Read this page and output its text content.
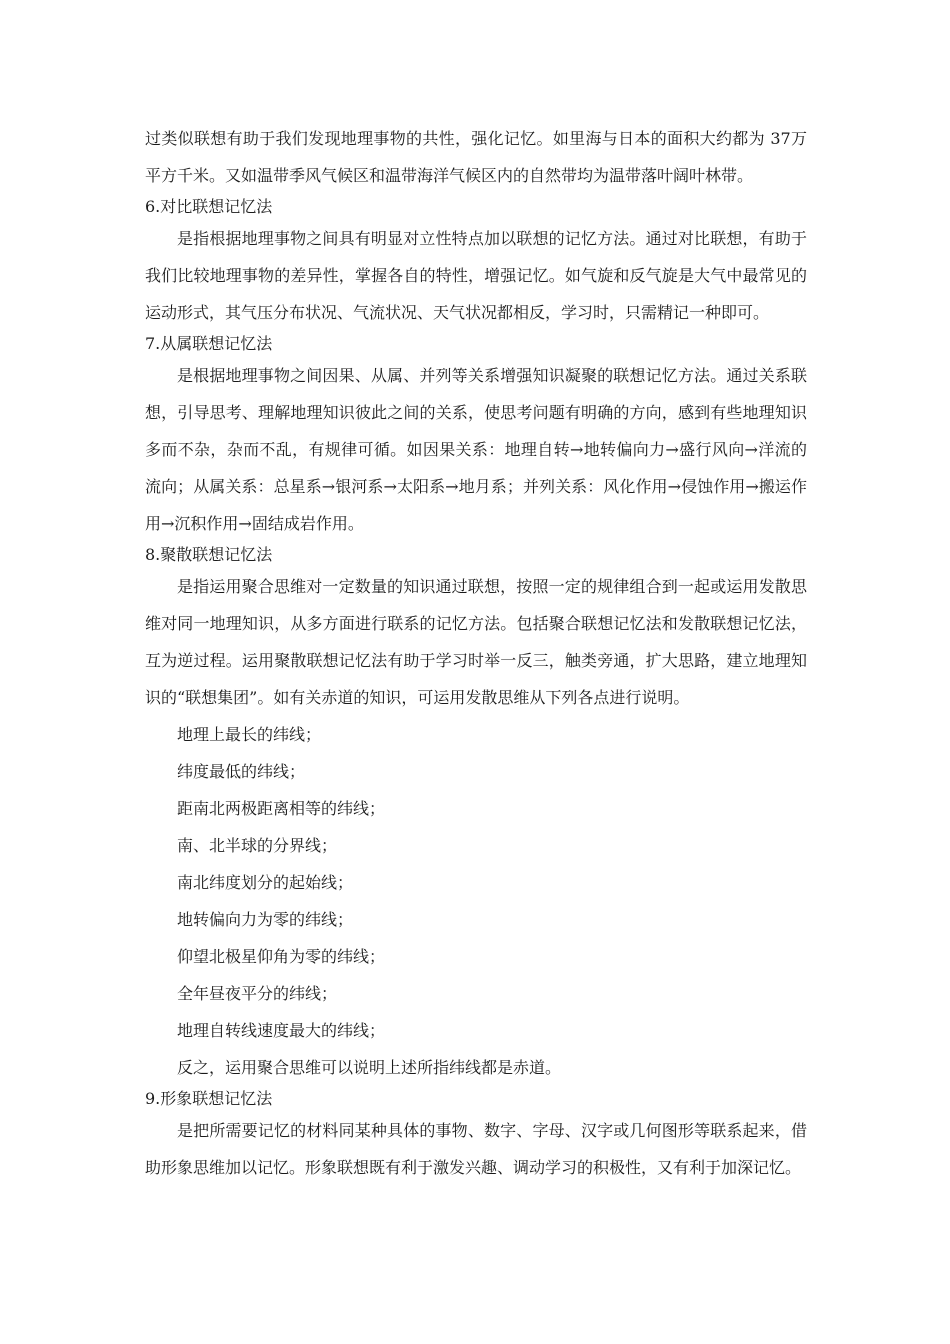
过类似联想有助于我们发现地理事物的共性，强化记忆。如里海与日本的面积大约都为 37万平方千米。又如温带季风气候区和温带海洋气候区内的自然带均为温带落叶阔叶林带。

6.对比联想记忆法

是指根据地理事物之间具有明显对立性特点加以联想的记忆方法。通过对比联想，有助于我们比较地理事物的差异性，掌握各自的特性，增强记忆。如气旋和反气旋是大气中最常见的运动形式，其气压分布状况、气流状况、天气状况都相反，学习时，只需精记一种即可。

7.从属联想记忆法

是根据地理事物之间因果、从属、并列等关系增强知识凝聚的联想记忆方法。通过关系联想，引导思考、理解地理知识彼此之间的关系，使思考问题有明确的方向，感到有些地理知识多而不杂，杂而不乱，有规律可循。如因果关系：地理自转→地转偏向力→盛行风向→洋流的流向；从属关系：总星系→银河系→太阳系→地月系；并列关系：风化作用→侵蚀作用→搬运作用→沉积作用→固结成岩作用。

8.聚散联想记忆法

是指运用聚合思维对一定数量的知识通过联想，按照一定的规律组合到一起或运用发散思维对同一地理知识，从多方面进行联系的记忆方法。包括聚合联想记忆法和发散联想记忆法，互为逆过程。运用聚散联想记忆法有助于学习时举一反三，触类旁通，扩大思路，建立地理知识的“联想集团”。如有关赤道的知识，可运用发散思维从下列各点进行说明。

地理上最长的纬线；

纬度最低的纬线；

距南北两极距离相等的纬线；

南、北半球的分界线；

南北纬度划分的起始线；

地转偏向力为零的纬线；

仰望北极星仰角为零的纬线；

全年昼夜平分的纬线；

地理自转线速度最大的纬线；

反之，运用聚合思维可以说明上述所指纬线都是赤道。

9.形象联想记忆法

是把所需要记忆的材料同某种具体的事物、数字、字母、汉字或几何图形等联系起来，借助形象思维加以记忆。形象联想既有利于激发兴趣、调动学习的积极性，又有利于加深记忆。
